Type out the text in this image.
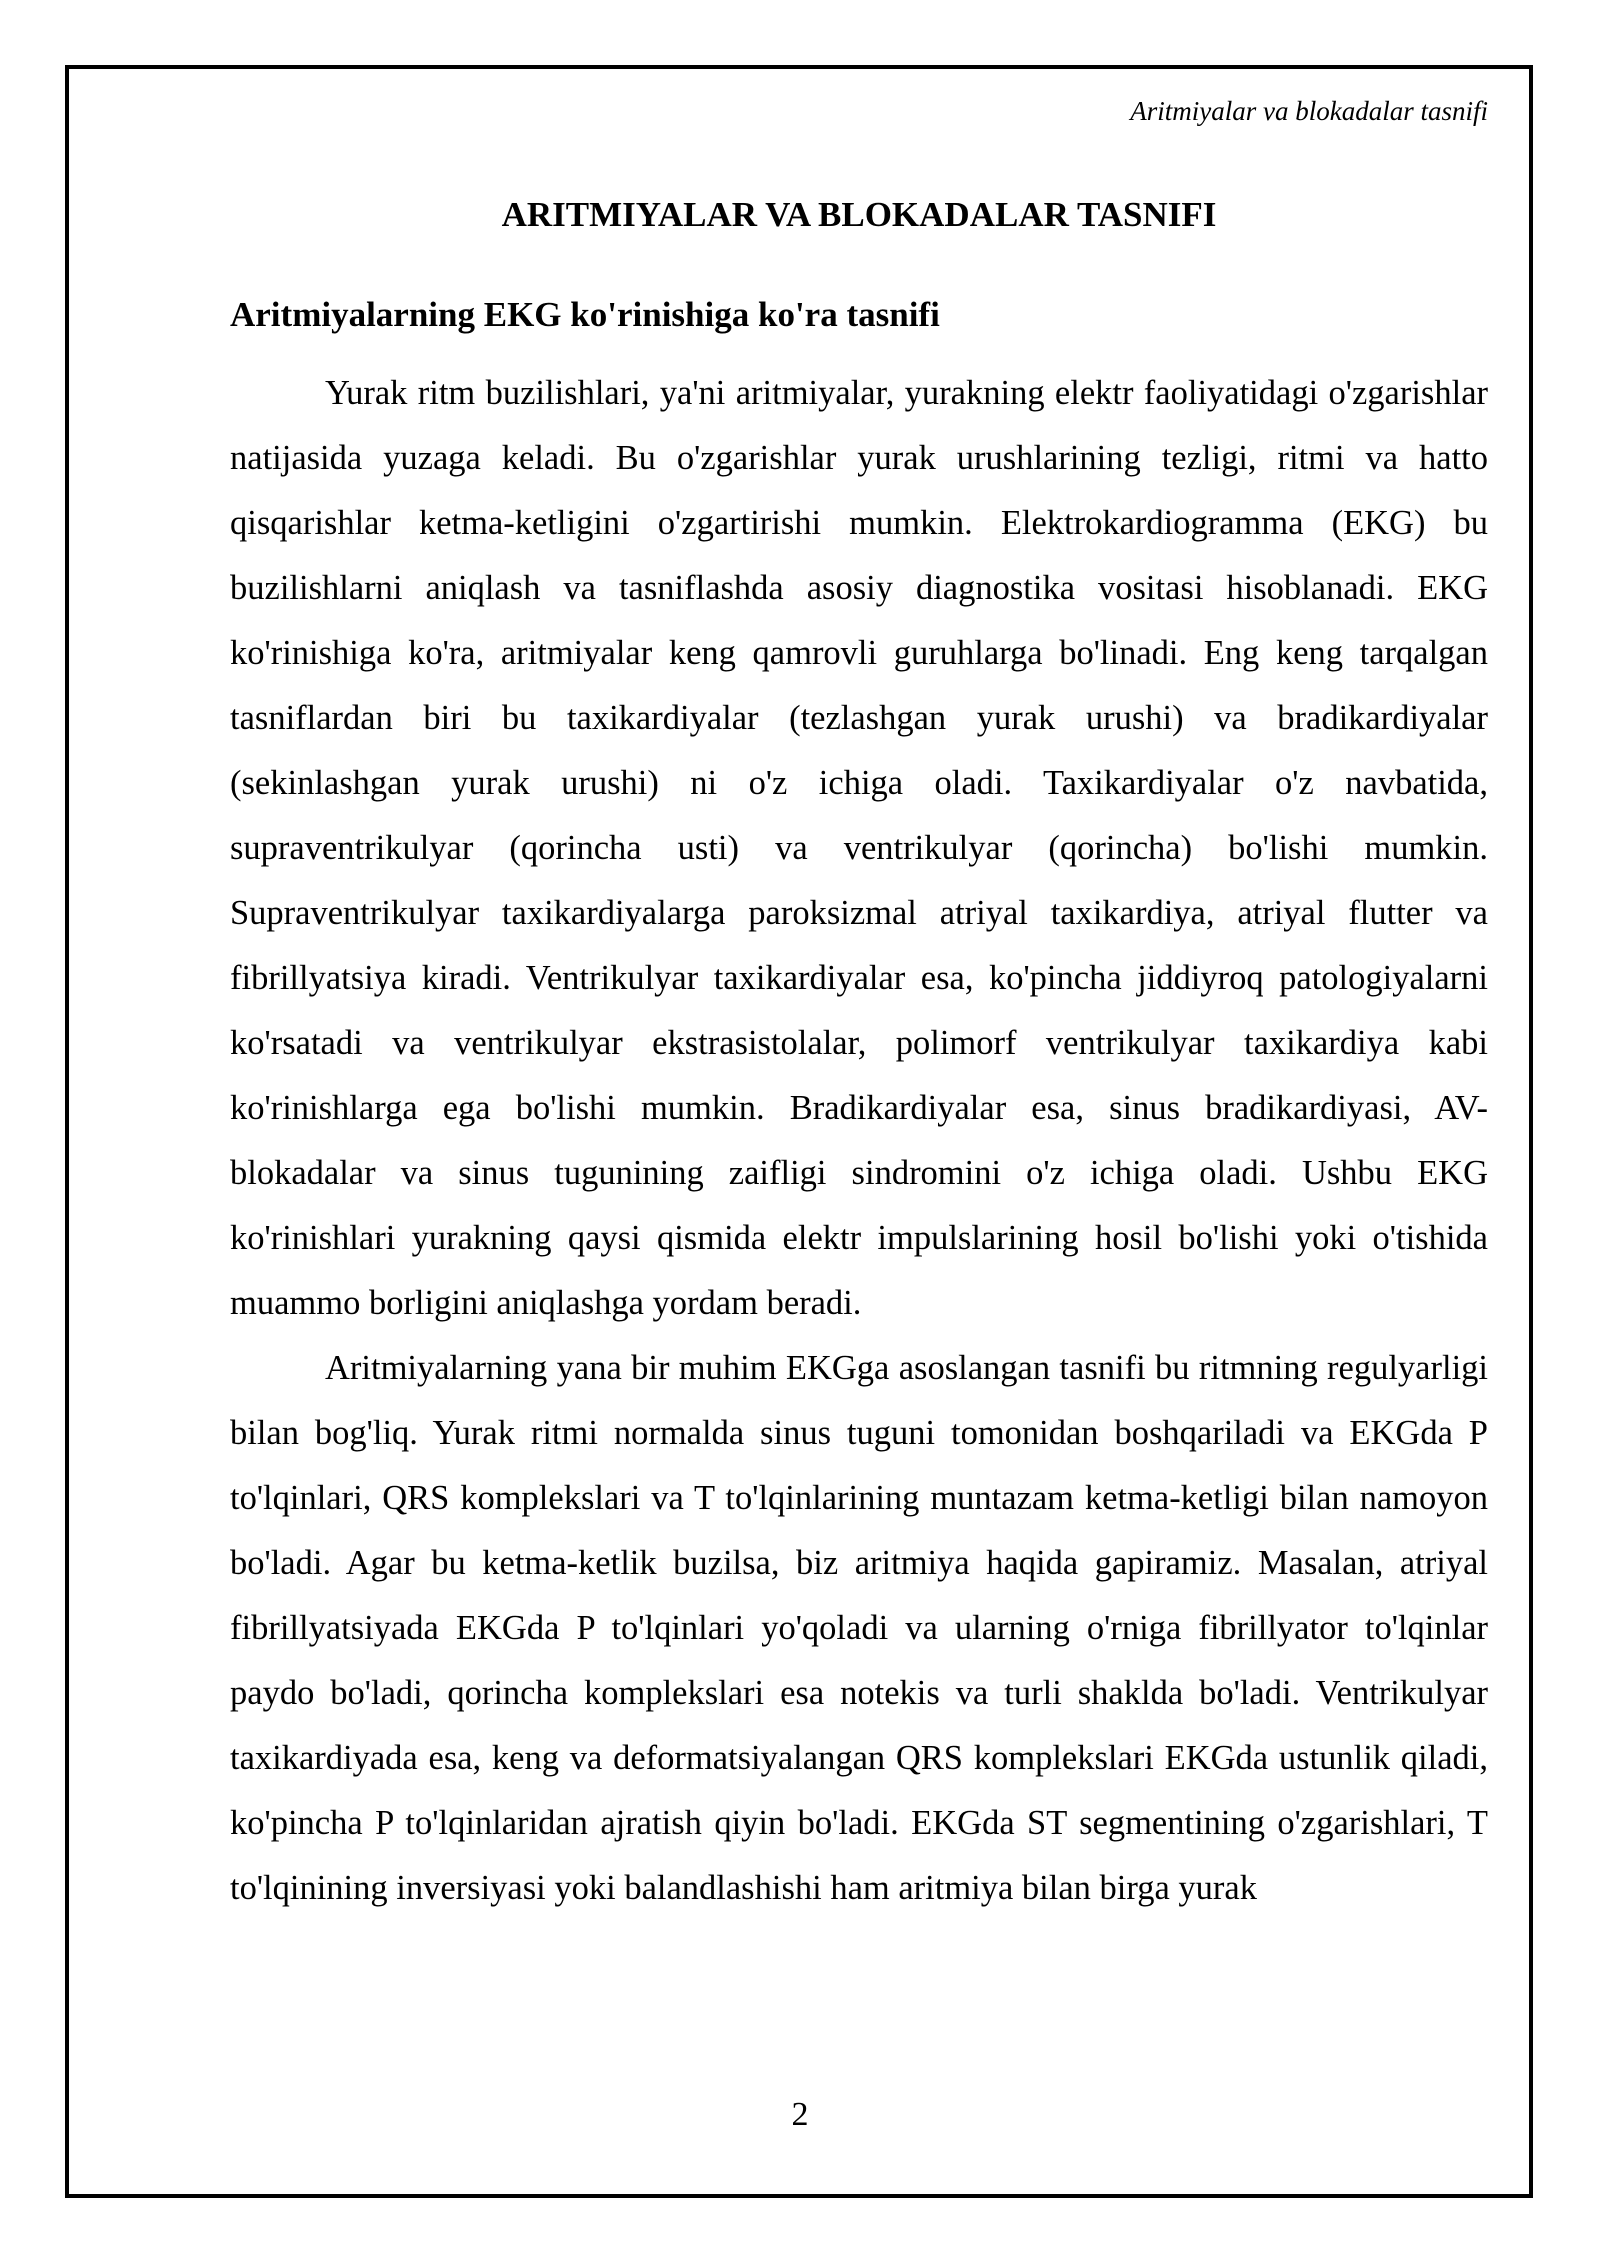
Aritmiyalar va blokadalar tasnifi
ARITMIYALAR VA BLOKADALAR TASNIFI
Aritmiyalarning EKG ko'rinishiga ko'ra tasnifi

Yurak ritm buzilishlari, ya'ni aritmiyalar, yurakning elektr faoliyatidagi o'zgarishlar natijasida yuzaga keladi. Bu o'zgarishlar yurak urushlarining tezligi, ritmi va hatto qisqarishlar ketma-ketligini o'zgartirishi mumkin. Elektrokardiogramma (EKG) bu buzilishlarni aniqlash va tasniflashda asosiy diagnostika vositasi hisoblanadi. EKG ko'rinishiga ko'ra, aritmiyalar keng qamrovli guruhlarga bo'linadi. Eng keng tarqalgan tasniflardan biri bu taxikardiyalar (tezlashgan yurak urushi) va bradikardiyalar (sekinlashgan yurak urushi) ni o'z ichiga oladi. Taxikardiyalar o'z navbatida, supraventrikulyar (qorincha usti) va ventrikulyar (qorincha) bo'lishi mumkin. Supraventrikulyar taxikardiyalarga paroksizmal atriyal taxikardiya, atriyal flutter va fibrillyatsiya kiradi. Ventrikulyar taxikardiyalar esa, ko'pincha jiddiyroq patologiyalarni ko'rsatadi va ventrikulyar ekstrasistolalar, polimorf ventrikulyar taxikardiya kabi ko'rinishlarga ega bo'lishi mumkin. Bradikardiyalar esa, sinus bradikardiyasi, AV-blokadalar va sinus tugunining zaifligi sindromini o'z ichiga oladi. Ushbu EKG ko'rinishlari yurakning qaysi qismida elektr impulslarining hosil bo'lishi yoki o'tishida muammo borligini aniqlashga yordam beradi.

Aritmiyalarning yana bir muhim EKGga asoslangan tasnifi bu ritmning regulyarligi bilan bog'liq. Yurak ritmi normalda sinus tuguni tomonidan boshqariladi va EKGda P to'lqinlari, QRS komplekslari va T to'lqinlarining muntazam ketma-ketligi bilan namoyon bo'ladi. Agar bu ketma-ketlik buzilsa, biz aritmiya haqida gapiramiz. Masalan, atriyal fibrillyatsiyada EKGda P to'lqinlari yo'qoladi va ularning o'rniga fibrillyator to'lqinlar paydo bo'ladi, qorincha komplekslari esa notekis va turli shaklda bo'ladi. Ventrikulyar taxikardiyada esa, keng va deformatsiyalangan QRS komplekslari EKGda ustunlik qiladi, ko'pincha P to'lqinlaridan ajratish qiyin bo'ladi. EKGda ST segmentining o'zgarishlari, T to'lqinining inversiyasi yoki balandlashishi ham aritmiya bilan birga yurak

2
